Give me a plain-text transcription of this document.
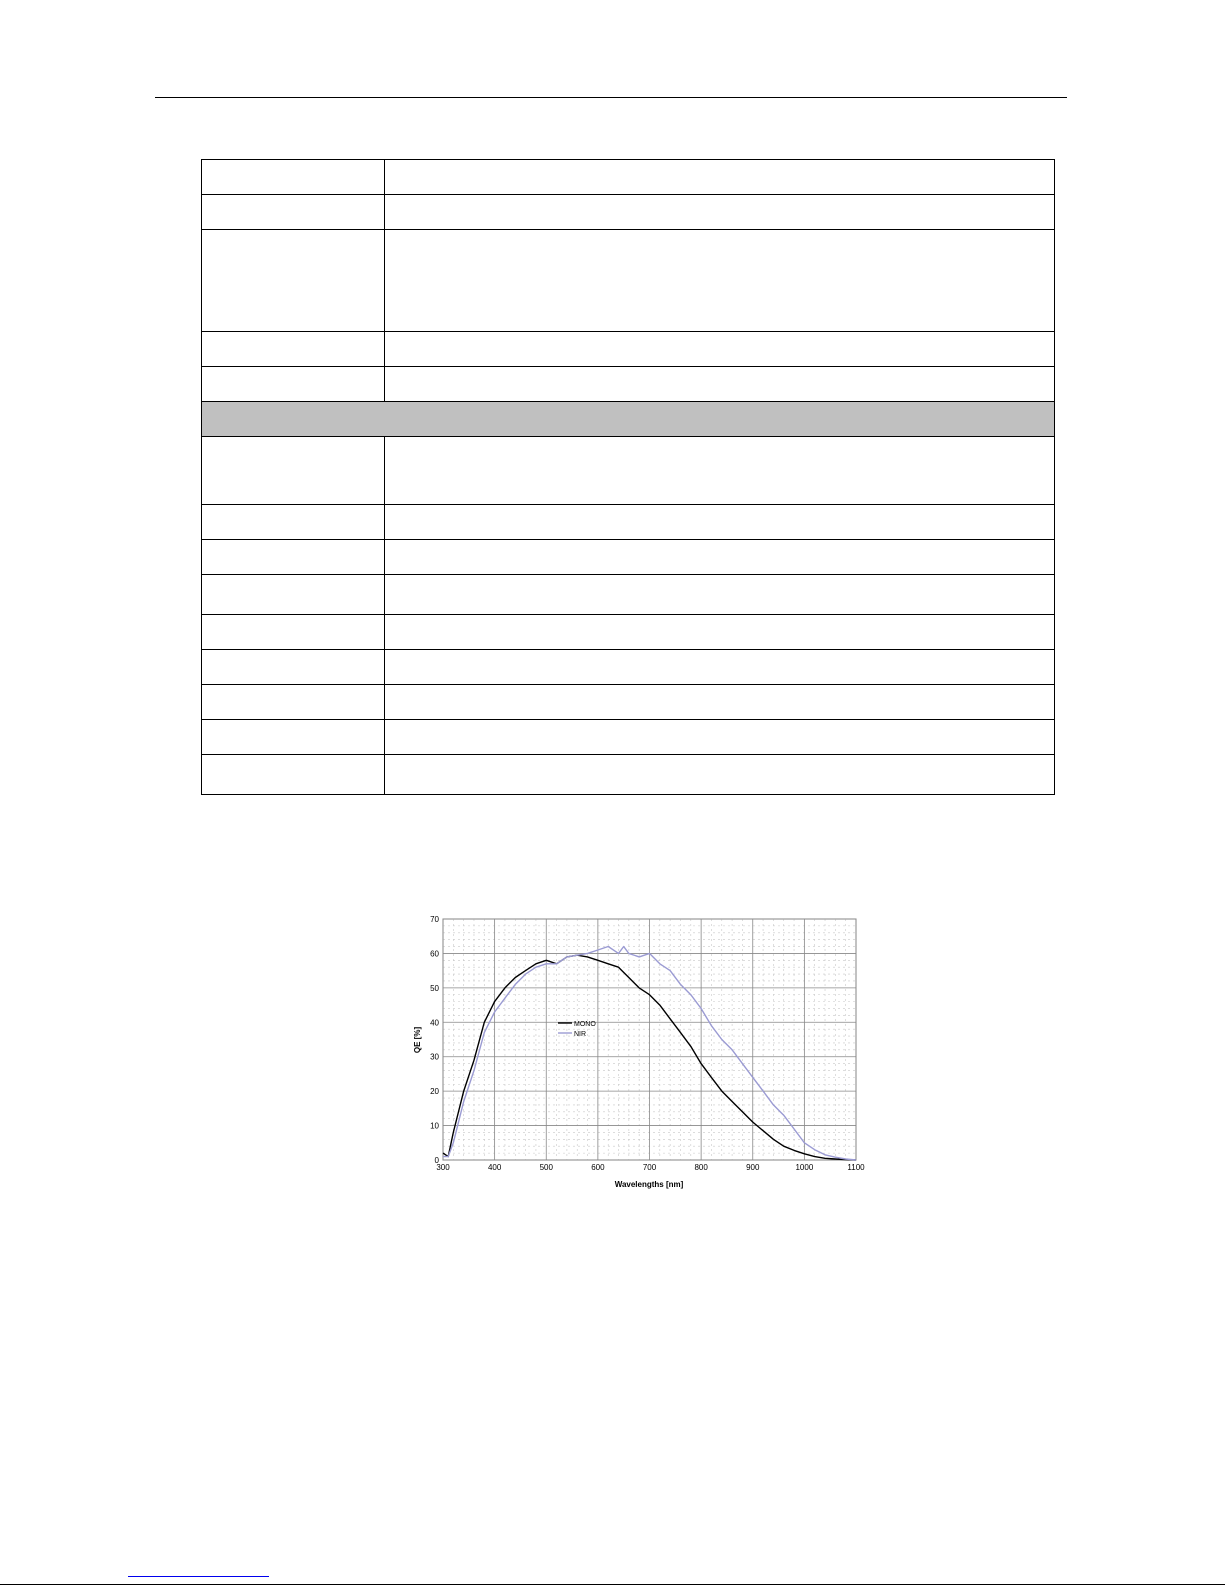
0
10
20
30
40
50
60
70
300	400	500	600	700	800	900	1000	1100
MONO
NIR
Wavelengths [nm]
QE [%]
